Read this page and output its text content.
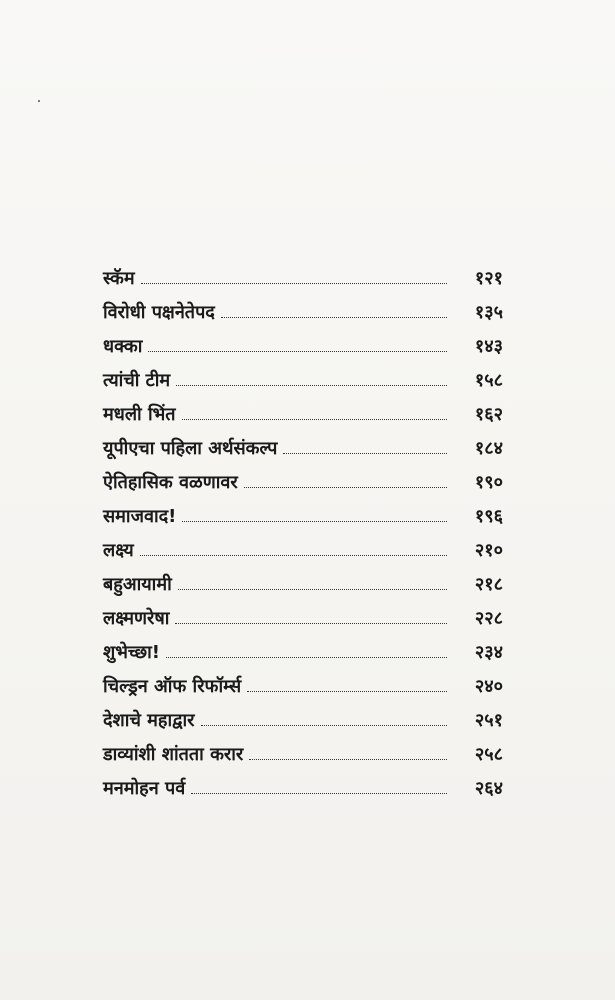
स्कॅम	१२१
विरोधी पक्षनेतेपद	१३५
धक्का	१४३
त्यांची टीम	१५८
मधली भिंत	१६२
यूपीएचा पहिला अर्थसंकल्प	१८४
ऐतिहासिक वळणावर	१९०
समाजवाद!	१९६
लक्ष्य	२१०
बहुआयामी	२१८
लक्ष्मणरेषा	२२८
शुभेच्छा!	२३४
चिल्ड्रन ऑफ रिफॉर्म्स	२४०
देशाचे महाद्वार	२५१
डाव्यांशी शांतता करार	२५८
मनमोहन पर्व	२६४
